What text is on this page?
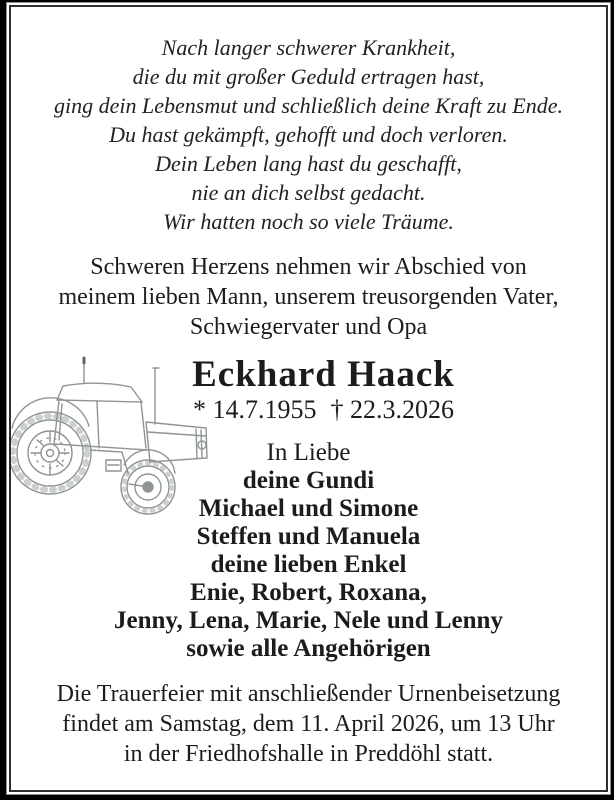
Nach langer schwerer Krankheit,
die du mit großer Geduld ertragen hast,
ging dein Lebensmut und schließlich deine Kraft zu Ende.
Du hast gekämpft, gehofft und doch verloren.
Dein Leben lang hast du geschafft,
nie an dich selbst gedacht.
Wir hatten noch so viele Träume.
Schweren Herzens nehmen wir Abschied von
meinem lieben Mann, unserem treusorgenden Vater,
Schwiegervater und Opa
Eckhard Haack
* 14.7.1955 † 22.3.2026
In Liebe
deine Gundi
Michael und Simone
Steffen und Manuela
deine lieben Enkel
Enie, Robert, Roxana,
Jenny, Lena, Marie, Nele und Lenny
sowie alle Angehörigen
Die Trauerfeier mit anschließender Urnenbeisetzung
findet am Samstag, dem 11. April 2026, um 13 Uhr
in der Friedhofshalle in Preddöhl statt.
